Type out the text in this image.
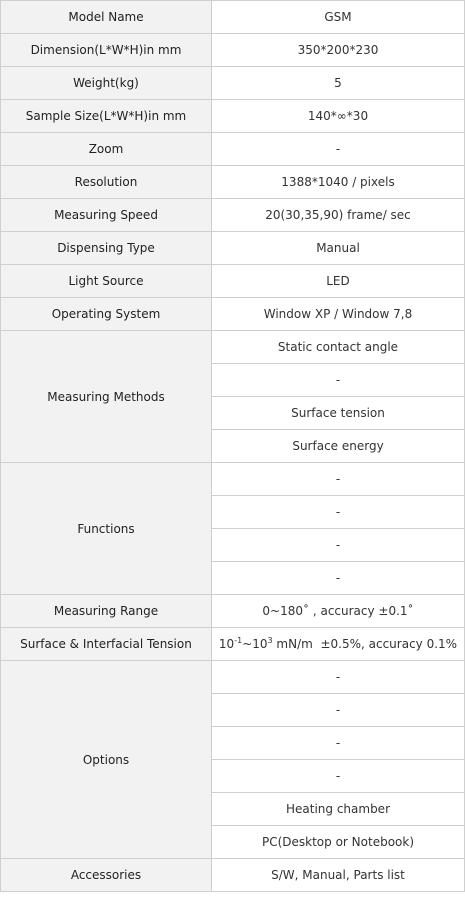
Model Name	GSM
Dimension(L*W*H)in mm	350*200*230
Weight(kg)	5
Sample Size(L*W*H)in mm	140*∞*30
Zoom	-
Resolution	1388*1040 / pixels
Measuring Speed	20(30,35,90) frame/ sec
Dispensing Type	Manual
Light Source	LED
Operating System	Window XP / Window 7,8
Measuring Methods	Static contact angle
	-
	Surface tension
	Surface energy
Functions	-
	-
	-
	-
Measuring Range	0~180˚ , accuracy ±0.1˚
Surface & Interfacial Tension	$10^{-1}\sim 10^3$ mN/m  ±0.5%, accuracy 0.1%
Options	-
	-
	-
	-
	Heating chamber
	PC(Desktop or Notebook)
Accessories	S/W, Manual, Parts list
